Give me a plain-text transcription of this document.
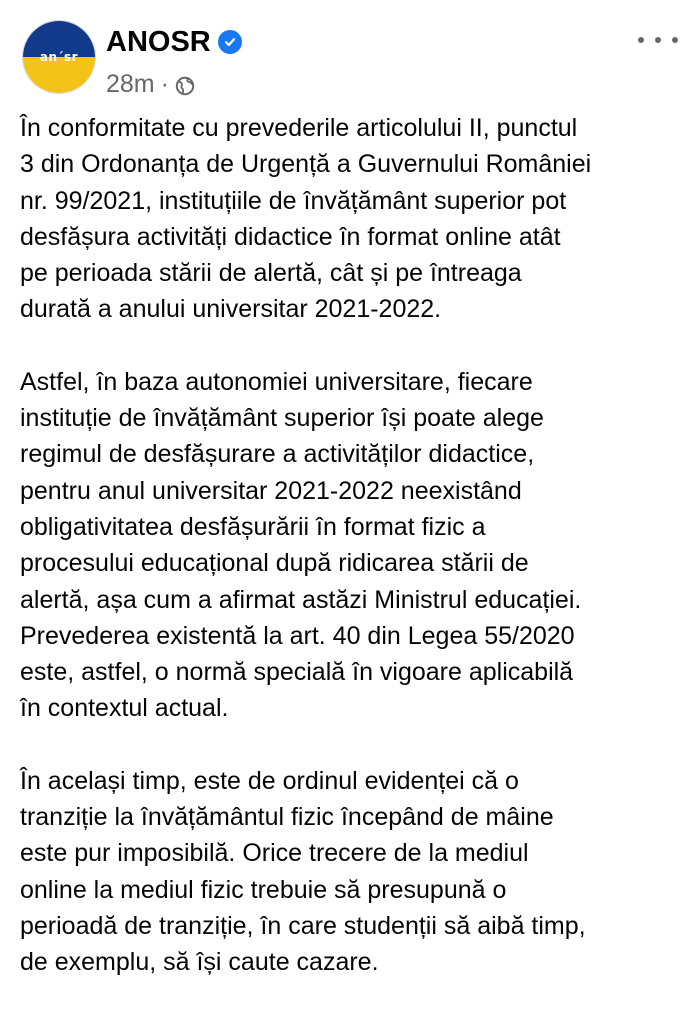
an´sr ANOSR
28m ·

În conformitate cu prevederile articolului II, punctul
3 din Ordonanța de Urgență a Guvernului României
nr. 99/2021, instituțiile de învățământ superior pot
desfășura activități didactice în format online atât
pe perioada stării de alertă, cât și pe întreaga
durată a anului universitar 2021-2022.

Astfel, în baza autonomiei universitare, fiecare
instituție de învățământ superior își poate alege
regimul de desfășurare a activităților didactice,
pentru anul universitar 2021-2022 neexistând
obligativitatea desfășurării în format fizic a
procesului educațional după ridicarea stării de
alertă, așa cum a afirmat astăzi Ministrul educației.
Prevederea existentă la art. 40 din Legea 55/2020
este, astfel, o normă specială în vigoare aplicabilă
în contextul actual.

În același timp, este de ordinul evidenței că o
tranziție la învățământul fizic începând de mâine
este pur imposibilă. Orice trecere de la mediul
online la mediul fizic trebuie să presupună o
perioadă de tranziție, în care studenții să aibă timp,
de exemplu, să își caute cazare.
